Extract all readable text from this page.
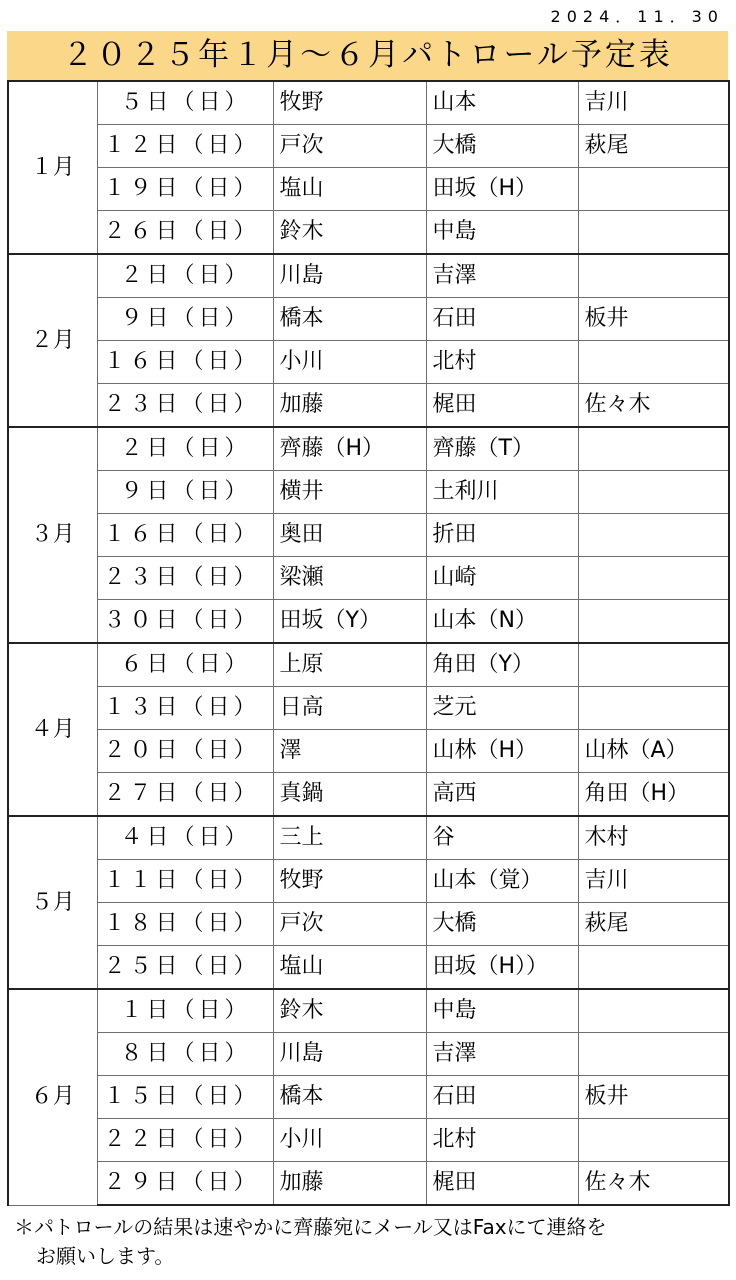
2024．11．30
２０２５年１月～６月パトロール予定表
１月	５日（日）	牧野	山本	吉川
	１２日（日）	戸次	大橋	萩尾
	１９日（日）	塩山	田坂（H）	
	２６日（日）	鈴木	中島	
２月	２日（日）	川島	吉澤	
	９日（日）	橋本	石田	板井
	１６日（日）	小川	北村	
	２３日（日）	加藤	梶田	佐々木
３月	２日（日）	齊藤（H）	齊藤（T）	
	９日（日）	横井	土利川	
	１６日（日）	奥田	折田	
	２３日（日）	梁瀬	山崎	
	３０日（日）	田坂（Y）	山本（N）	
４月	６日（日）	上原	角田（Y）	
	１３日（日）	日高	芝元	
	２０日（日）	澤	山林（H）	山林（A）
	２７日（日）	真鍋	高西	角田（H）
５月	４日（日）	三上	谷	木村
	１１日（日）	牧野	山本（覚）	吉川
	１８日（日）	戸次	大橋	萩尾
	２５日（日）	塩山	田坂（H））	
６月	１日（日）	鈴木	中島	
	８日（日）	川島	吉澤	
	１５日（日）	橋本	石田	板井
	２２日（日）	小川	北村	
	２９日（日）	加藤	梶田	佐々木
＊パトロールの結果は速やかに齊藤宛にメール又はFaxにて連絡を
お願いします。
